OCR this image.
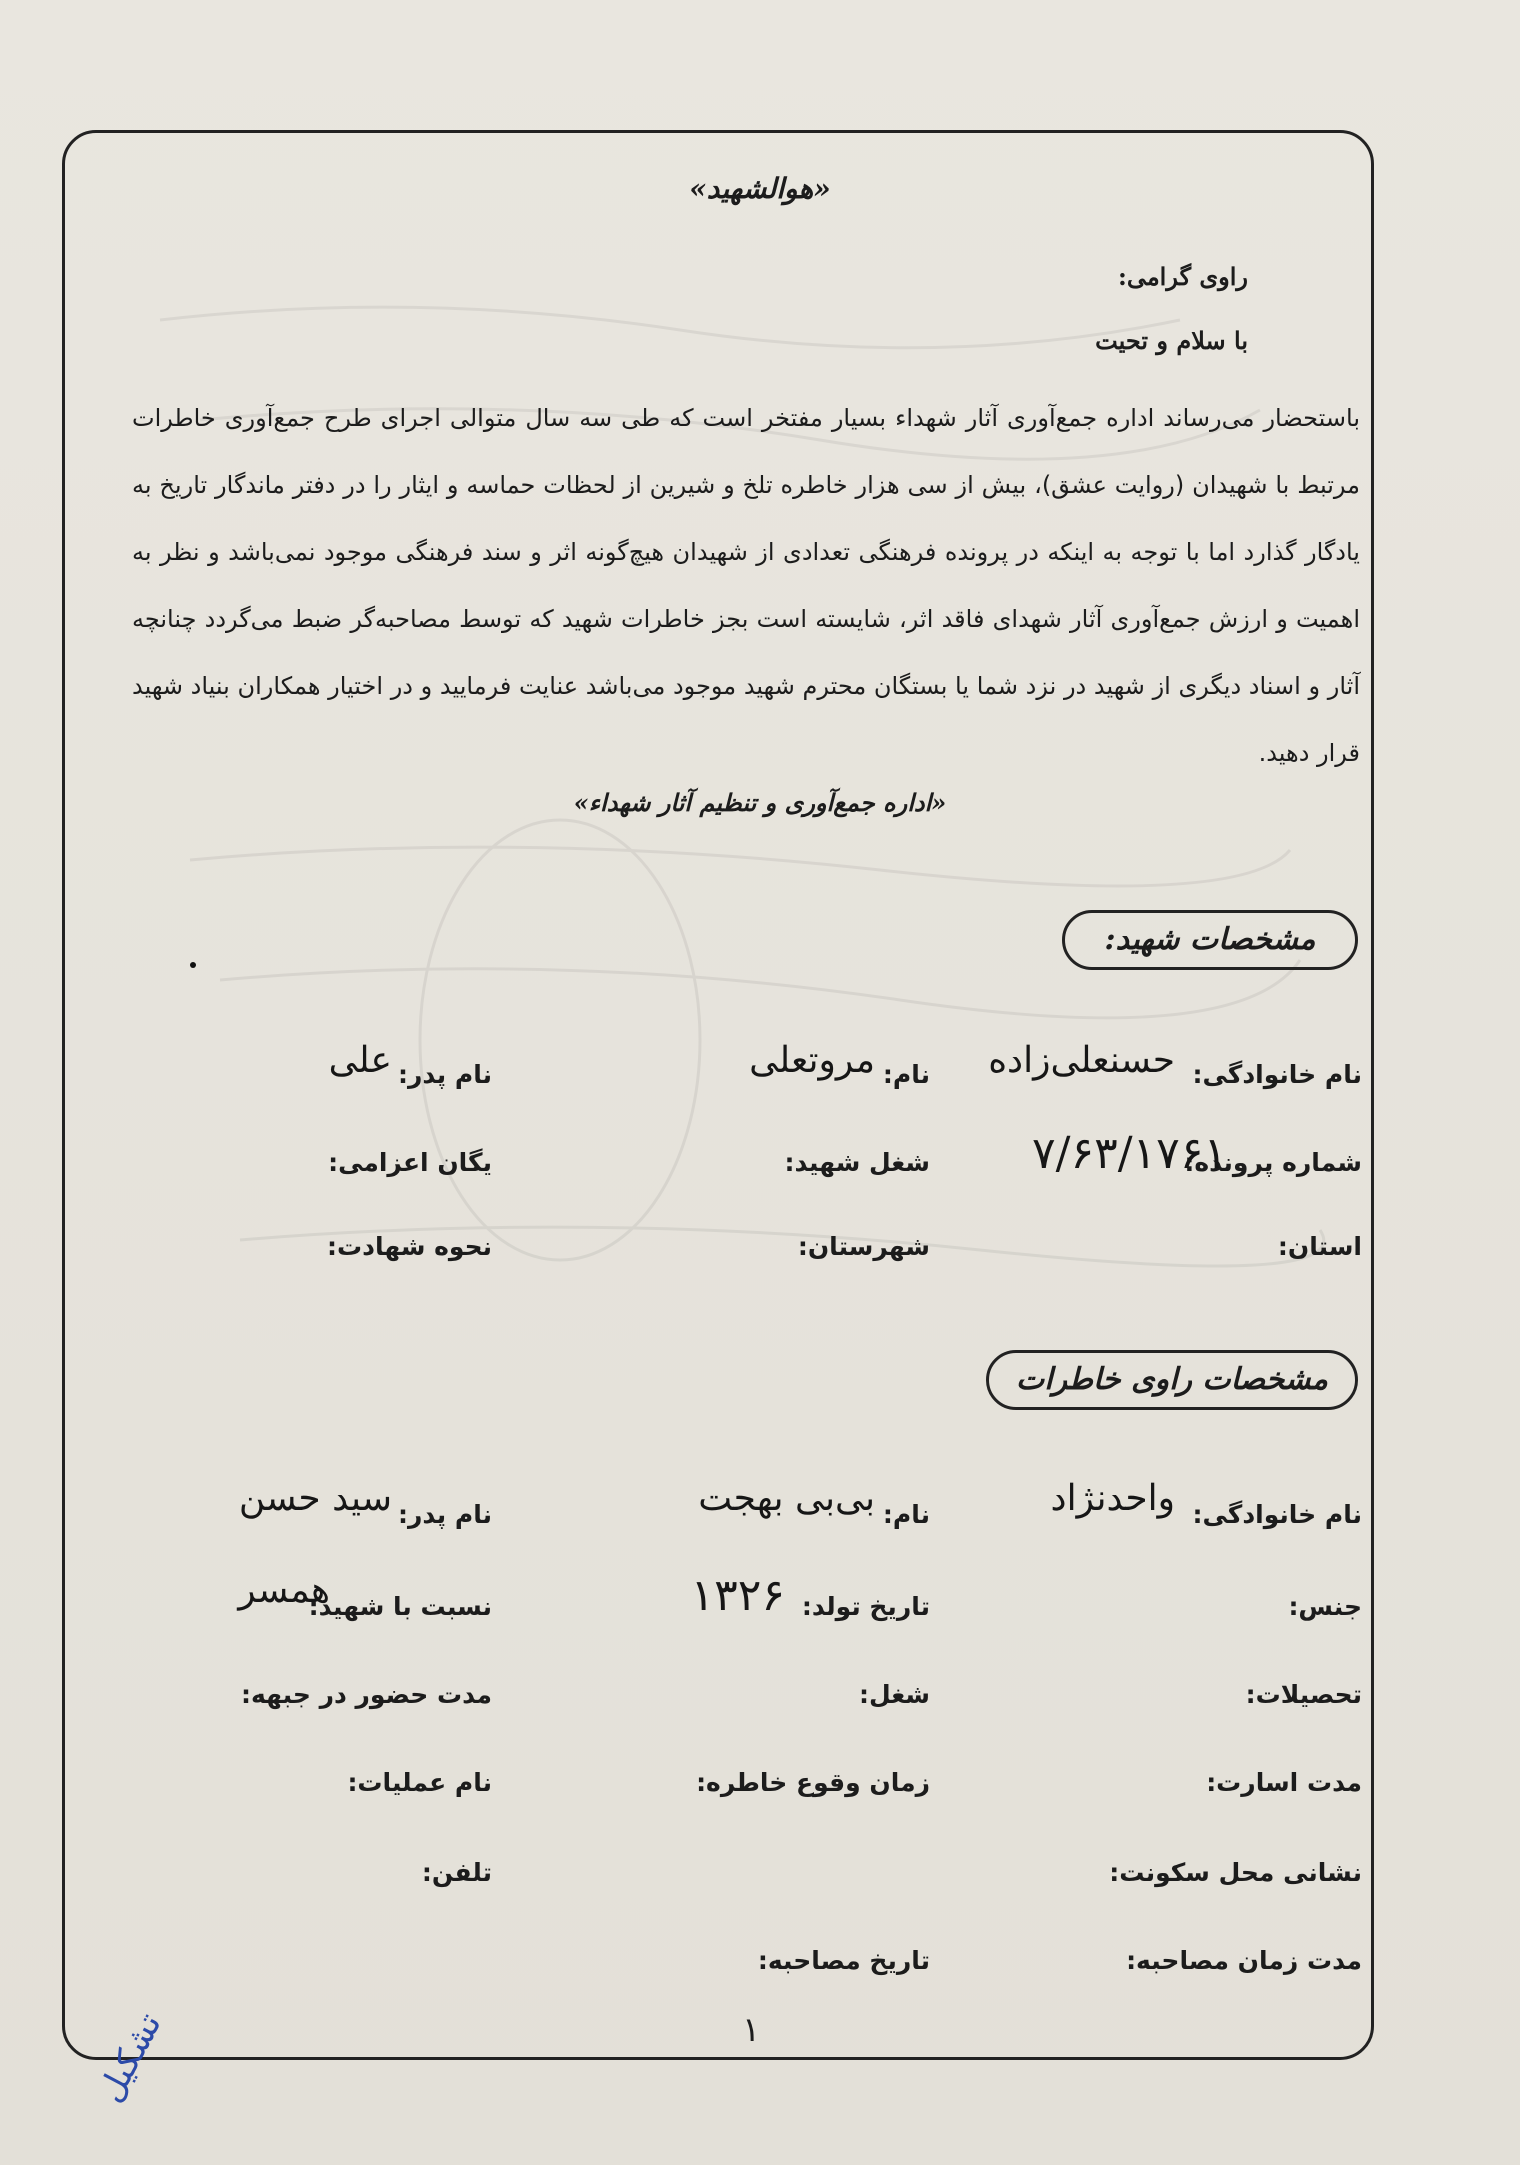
«هوالشهید»
راوی گرامی:
با سلام و تحیت
باستحضار می‌رساند اداره جمع‌آوری آثار شهداء بسیار مفتخر است که طی سه سال متوالی اجرای طرح جمع‌آوری خاطرات مرتبط با شهیدان (روایت عشق)، بیش از سی هزار خاطره تلخ و شیرین از لحظات حماسه و ایثار را در دفتر ماندگار تاریخ به یادگار گذارد اما با توجه به اینکه در پرونده فرهنگی تعدادی از شهیدان هیچ‌گونه اثر و سند فرهنگی موجود نمی‌باشد و نظر به اهمیت و ارزش جمع‌آوری آثار شهدای فاقد اثر، شایسته است بجز خاطرات شهید که توسط مصاحبه‌گر ضبط می‌گردد چنانچه آثار و اسناد دیگری از شهید در نزد شما یا بستگان محترم شهید موجود می‌باشد عنایت فرمایید و در اختیار همکاران بنیاد شهید قرار دهید.
«اداره جمع‌آوری و تنظیم آثار شهداء»
مشخصات شهید:
نام خانوادگی:
حسنعلی‌زاده
نام:
مروتعلی
نام پدر:
علی
شماره پرونده:
۷/۶۳/۱۷۶۱
شغل شهید:
یگان اعزامی:
استان:
شهرستان:
نحوه شهادت:
مشخصات راوی خاطرات
نام خانوادگی:
واحدنژاد
نام:
بی‌بی بهجت
نام پدر:
سید حسن
جنس:
تاریخ تولد:
۱۳۲۶
نسبت با شهید:
همسر
تحصیلات:
شغل:
مدت حضور در جبهه:
مدت اسارت:
زمان وقوع خاطره:
نام عملیات:
نشانی محل سکونت:
تلفن:
مدت زمان مصاحبه:
تاریخ مصاحبه:
۱
تشکیل
